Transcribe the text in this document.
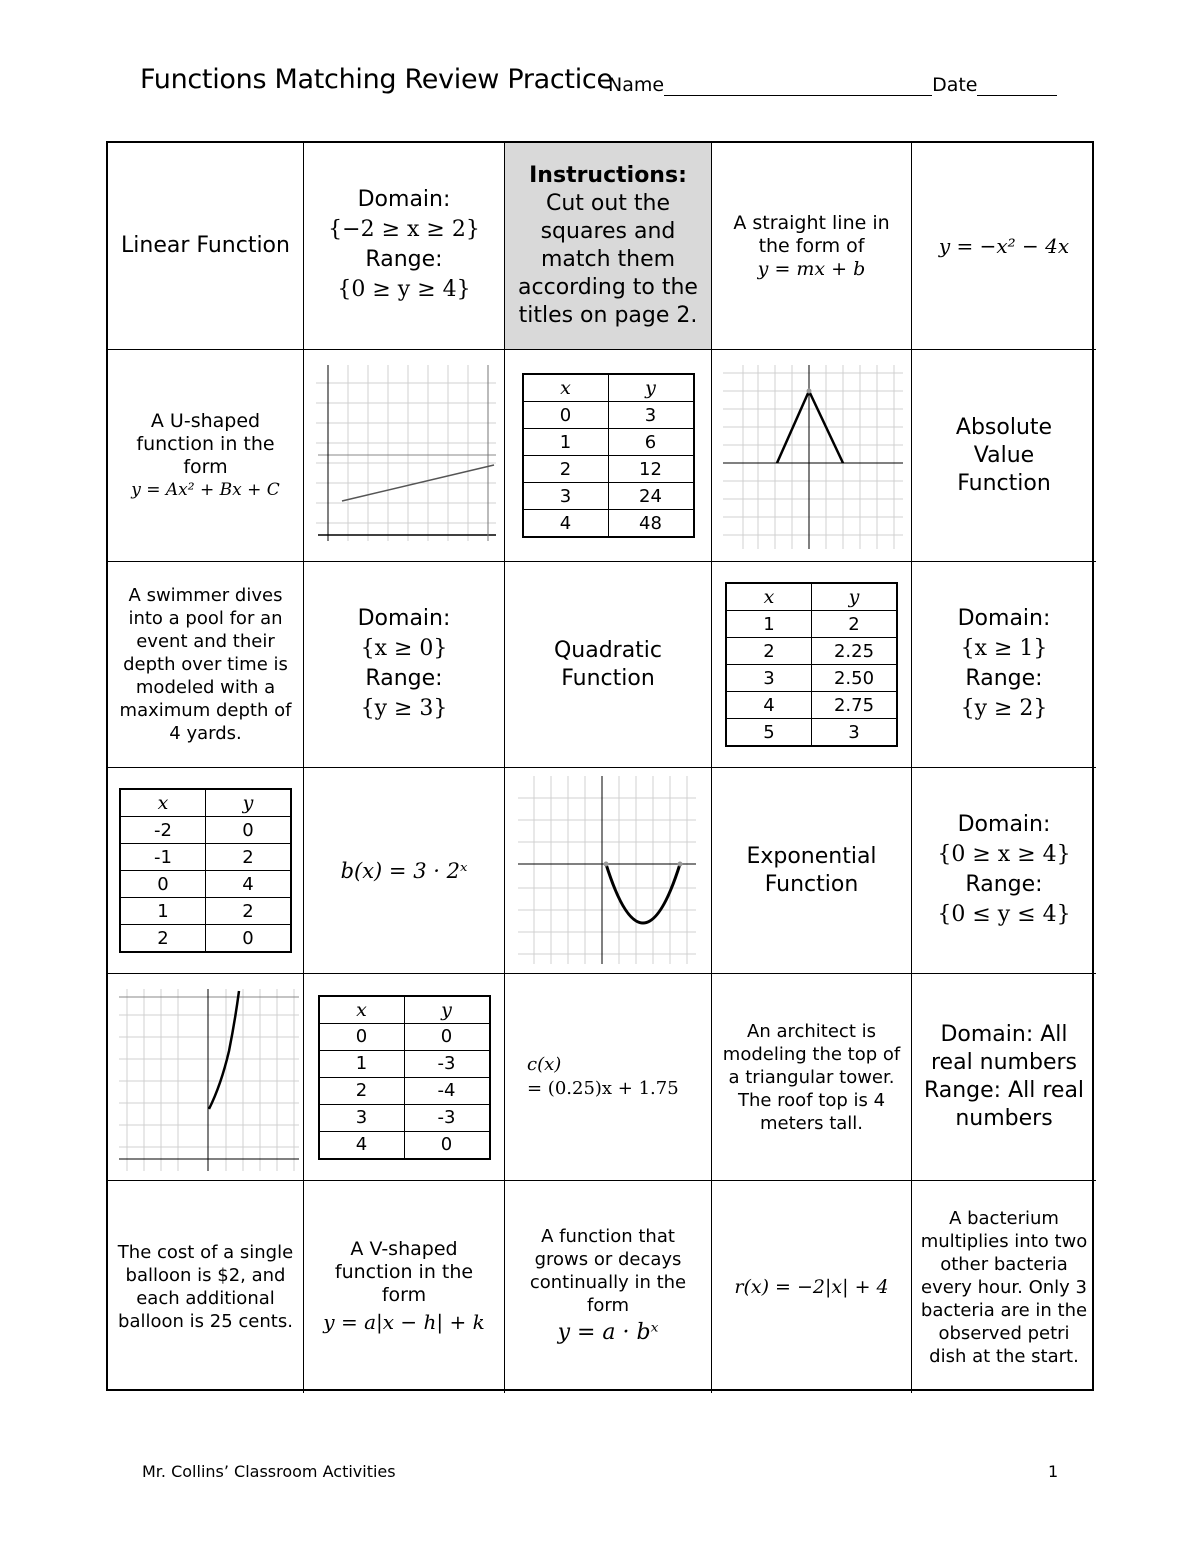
Functions Matching Review Practice
Name	Date
Linear Function
Domain:
{−2 ≥ x ≥ 2}
Range:
{0 ≥ y ≥ 4}
Instructions: Cut out the squares and match them according to the titles on page 2.
A straight line in the form of
y = mx + b
y = −x² − 4x
A U-shaped function in the form
y = Ax² + Bx + C
x	y
0	3
1	6
2	12
3	24
4	48
Absolute Value Function
A swimmer dives into a pool for an event and their depth over time is modeled with a maximum depth of 4 yards.
Domain:
{x ≥ 0}
Range:
{y ≥ 3}
Quadratic Function
x	y
1	2
2	2.25
3	2.50
4	2.75
5	3
Domain:
{x ≥ 1}
Range:
{y ≥ 2}
x	y
-2	0
-1	2
0	4
1	2
2	0
b(x) = 3 · 2ˣ
Exponential Function
Domain:
{0 ≥ x ≥ 4}
Range:
{0 ≤ y ≤ 4}
x	y
0	0
1	-3
2	-4
3	-3
4	0
c(x)
= (0.25)x + 1.75
An architect is modeling the top of a triangular tower. The roof top is 4 meters tall.
Domain: All real numbers Range: All real numbers
The cost of a single balloon is $2, and each additional balloon is 25 cents.
A V-shaped function in the form
y = a|x − h| + k
A function that grows or decays continually in the form
y = a · bˣ
r(x) = −2|x| + 4
A bacterium multiplies into two other bacteria every hour. Only 3 bacteria are in the observed petri dish at the start.
Mr. Collins’ Classroom Activities	1
